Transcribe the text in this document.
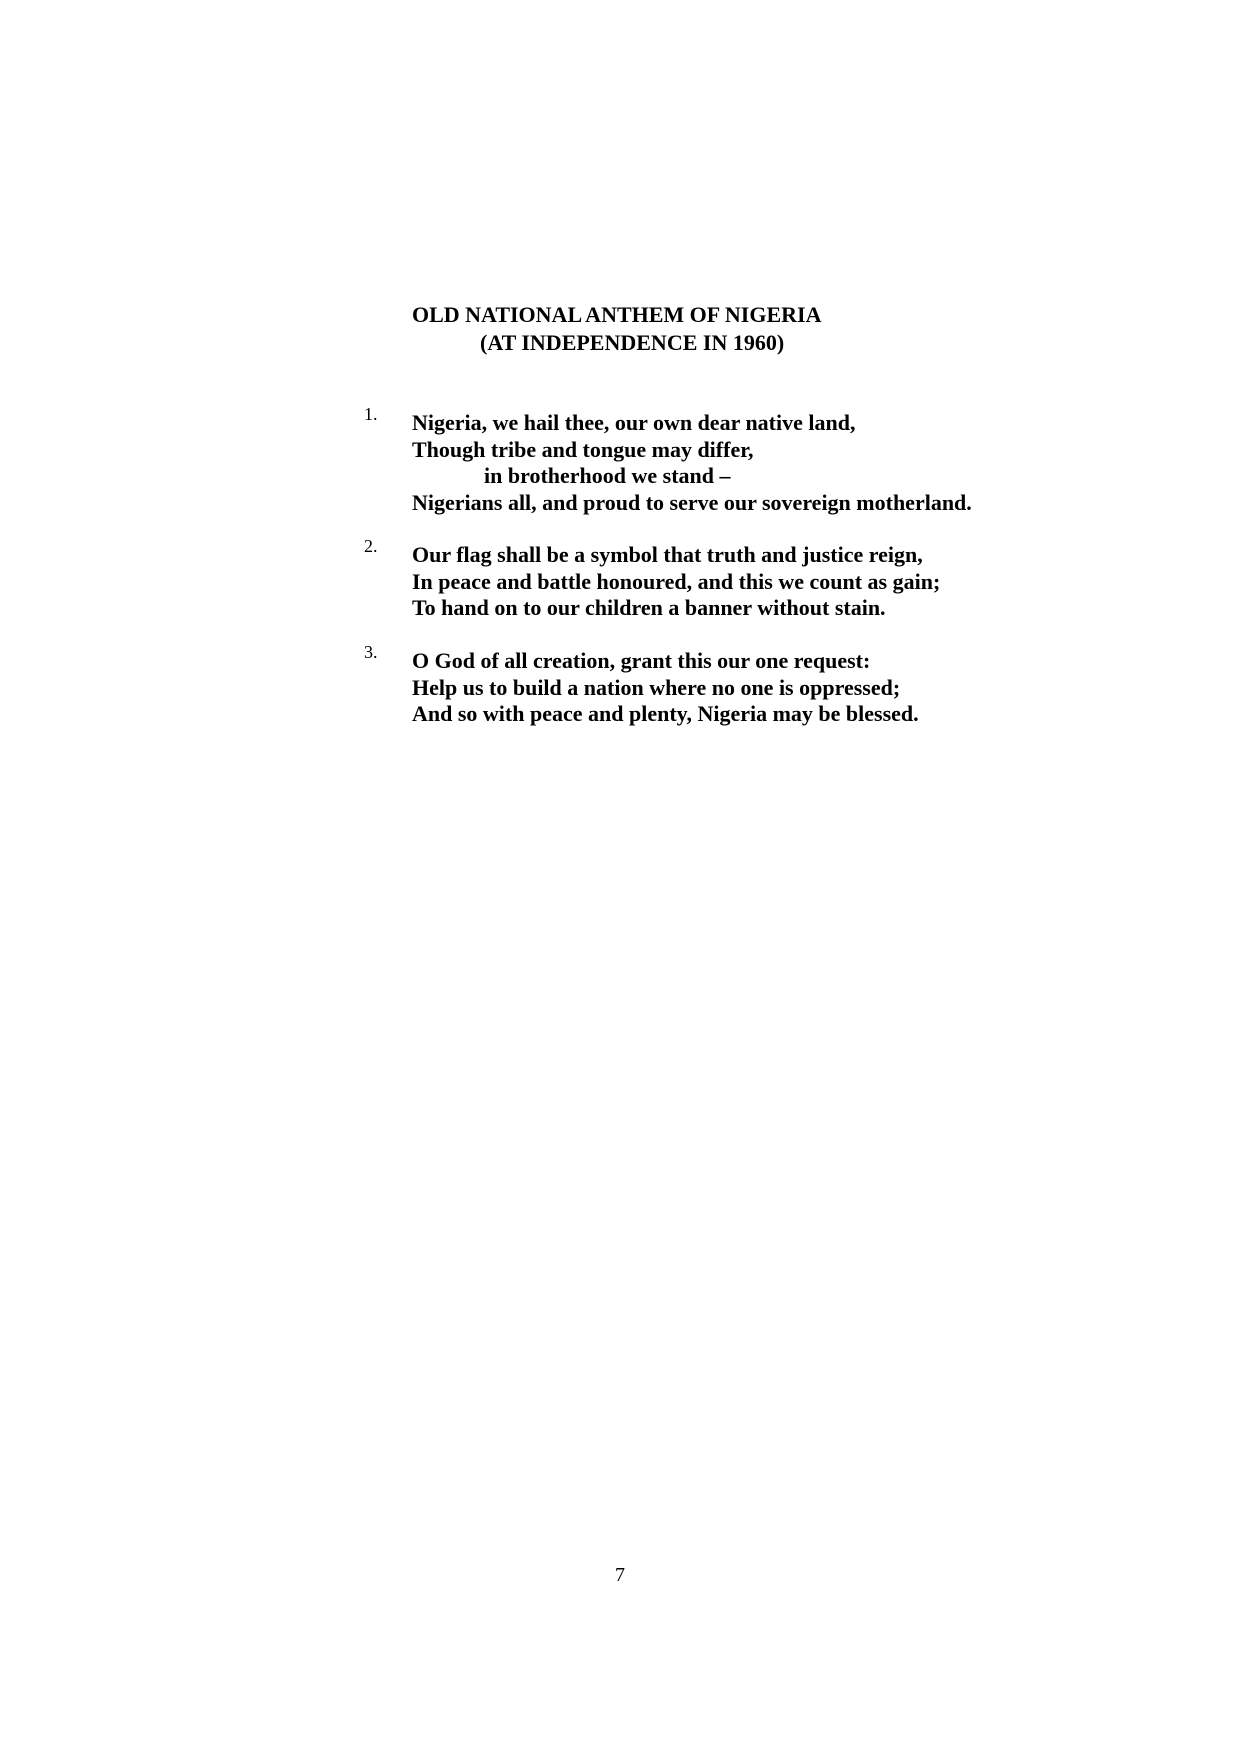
OLD NATIONAL ANTHEM OF NIGERIA
(AT INDEPENDENCE IN 1960)
1. Nigeria, we hail thee, our own dear native land,
Though tribe and tongue may differ,
in brotherhood we stand –
Nigerians all, and proud to serve our sovereign motherland.
2. Our flag shall be a symbol that truth and justice reign,
In peace and battle honoured, and this we count as gain;
To hand on to our children a banner without stain.
3. O God of all creation, grant this our one request:
Help us to build a nation where no one is oppressed;
And so with peace and plenty, Nigeria may be blessed.
7
